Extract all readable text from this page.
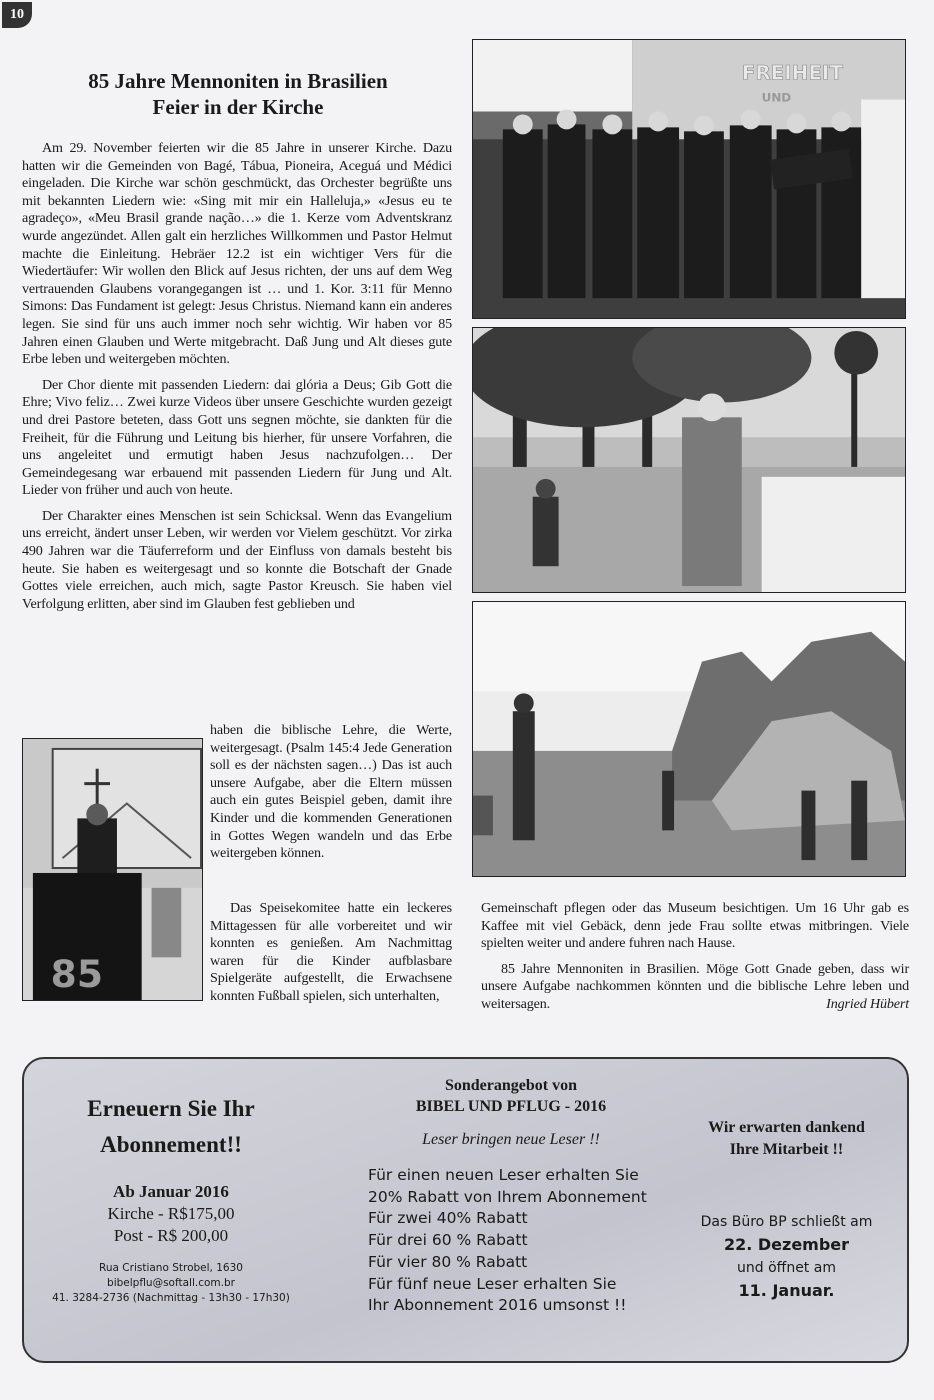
10
85 Jahre Mennoniten in Brasilien
Feier in der Kirche

Am 29. November feierten wir die 85 Jahre in unserer Kirche. Dazu hatten wir die Gemeinden von Bagé, Tábua, Pioneira, Aceguá und Médici eingeladen. Die Kirche war schön geschmückt, das Orchester begrüßte uns mit bekannten Liedern wie: «Sing mit mir ein Halleluja,» «Jesus eu te agradeço», «Meu Brasil grande nação…» die 1. Kerze vom Adventskranz wurde angezündet. Allen galt ein herzliches Willkommen und Pastor Helmut machte die Einleitung. Hebräer 12.2 ist ein wichtiger Vers für die Wiedertäufer: Wir wollen den Blick auf Jesus richten, der uns auf dem Weg vertrauenden Glaubens vorangegangen ist … und 1. Kor. 3:11 für Menno Simons: Das Fundament ist gelegt: Jesus Christus. Niemand kann ein anderes legen. Sie sind für uns auch immer noch sehr wichtig. Wir haben vor 85 Jahren einen Glauben und Werte mitgebracht. Daß Jung und Alt dieses gute Erbe leben und weitergeben möchten.

Der Chor diente mit passenden Liedern: dai glória a Deus; Gib Gott die Ehre; Vivo feliz… Zwei kurze Videos über unsere Geschichte wurden gezeigt und drei Pastore beteten, dass Gott uns segnen möchte, sie dankten für die Freiheit, für die Führung und Leitung bis hierher, für unsere Vorfahren, die uns angeleitet und ermutigt haben Jesus nachzufolgen… Der Gemeindegesang war erbauend mit passenden Liedern für Jung und Alt. Lieder von früher und auch von heute.

Der Charakter eines Menschen ist sein Schicksal. Wenn das Evangelium uns erreicht, ändert unser Leben, wir werden vor Vielem geschützt. Vor zirka 490 Jahren war die Täuferreform und der Einfluss von damals besteht bis heute. Sie haben es weitergesagt und so konnte die Botschaft der Gnade Gottes viele erreichen, auch mich, sagte Pastor Kreusch. Sie haben viel Verfolgung erlitten, aber sind im Glauben fest geblieben und

haben die biblische Lehre, die Werte, weitergesagt. (Psalm 145:4 Jede Generation soll es der nächsten sagen…) Das ist auch unsere Aufgabe, aber die Eltern müssen auch ein gutes Beispiel geben, damit ihre Kinder und die kommenden Generationen in Gottes Wegen wandeln und das Erbe weitergeben können.

Das Speisekomitee hatte ein leckeres Mittagessen für alle vorbereitet und wir konnten es genießen. Am Nachmittag waren für die Kinder aufblasbare Spielgeräte aufgestellt, die Erwachsene konnten Fußball spielen, sich unterhalten,

Gemeinschaft pflegen oder das Museum besichtigen. Um 16 Uhr gab es Kaffee mit viel Gebäck, denn jede Frau sollte etwas mitbringen. Viele spielten weiter und andere fuhren nach Hause.

85 Jahre Mennoniten in Brasilien. Möge Gott Gnade geben, dass wir unsere Aufgabe nachkommen könnten und die biblische Lehre leben und weitersagen.	Ingried Hübert

FREIHEIT
UND
85
Erneuern Sie Ihr
Abonnement!!
Ab Januar 2016
Kirche - R$175,00
Post - R$ 200,00
Rua Cristiano Strobel, 1630
bibelpflu@softall.com.br
41. 3284-2736 (Nachmittag - 13h30 - 17h30)
Sonderangebot von
BIBEL UND PFLUG - 2016
Leser bringen neue Leser !!
Für einen neuen Leser erhalten Sie
20% Rabatt von Ihrem Abonnement
Für zwei 40% Rabatt
Für drei 60 % Rabatt
Für vier 80 % Rabatt
Für fünf neue Leser erhalten Sie
Ihr Abonnement 2016 umsonst !!
Wir erwarten dankend
Ihre Mitarbeit !!
Das Büro BP schließt am
22. Dezember
und öffnet am
11. Januar.
